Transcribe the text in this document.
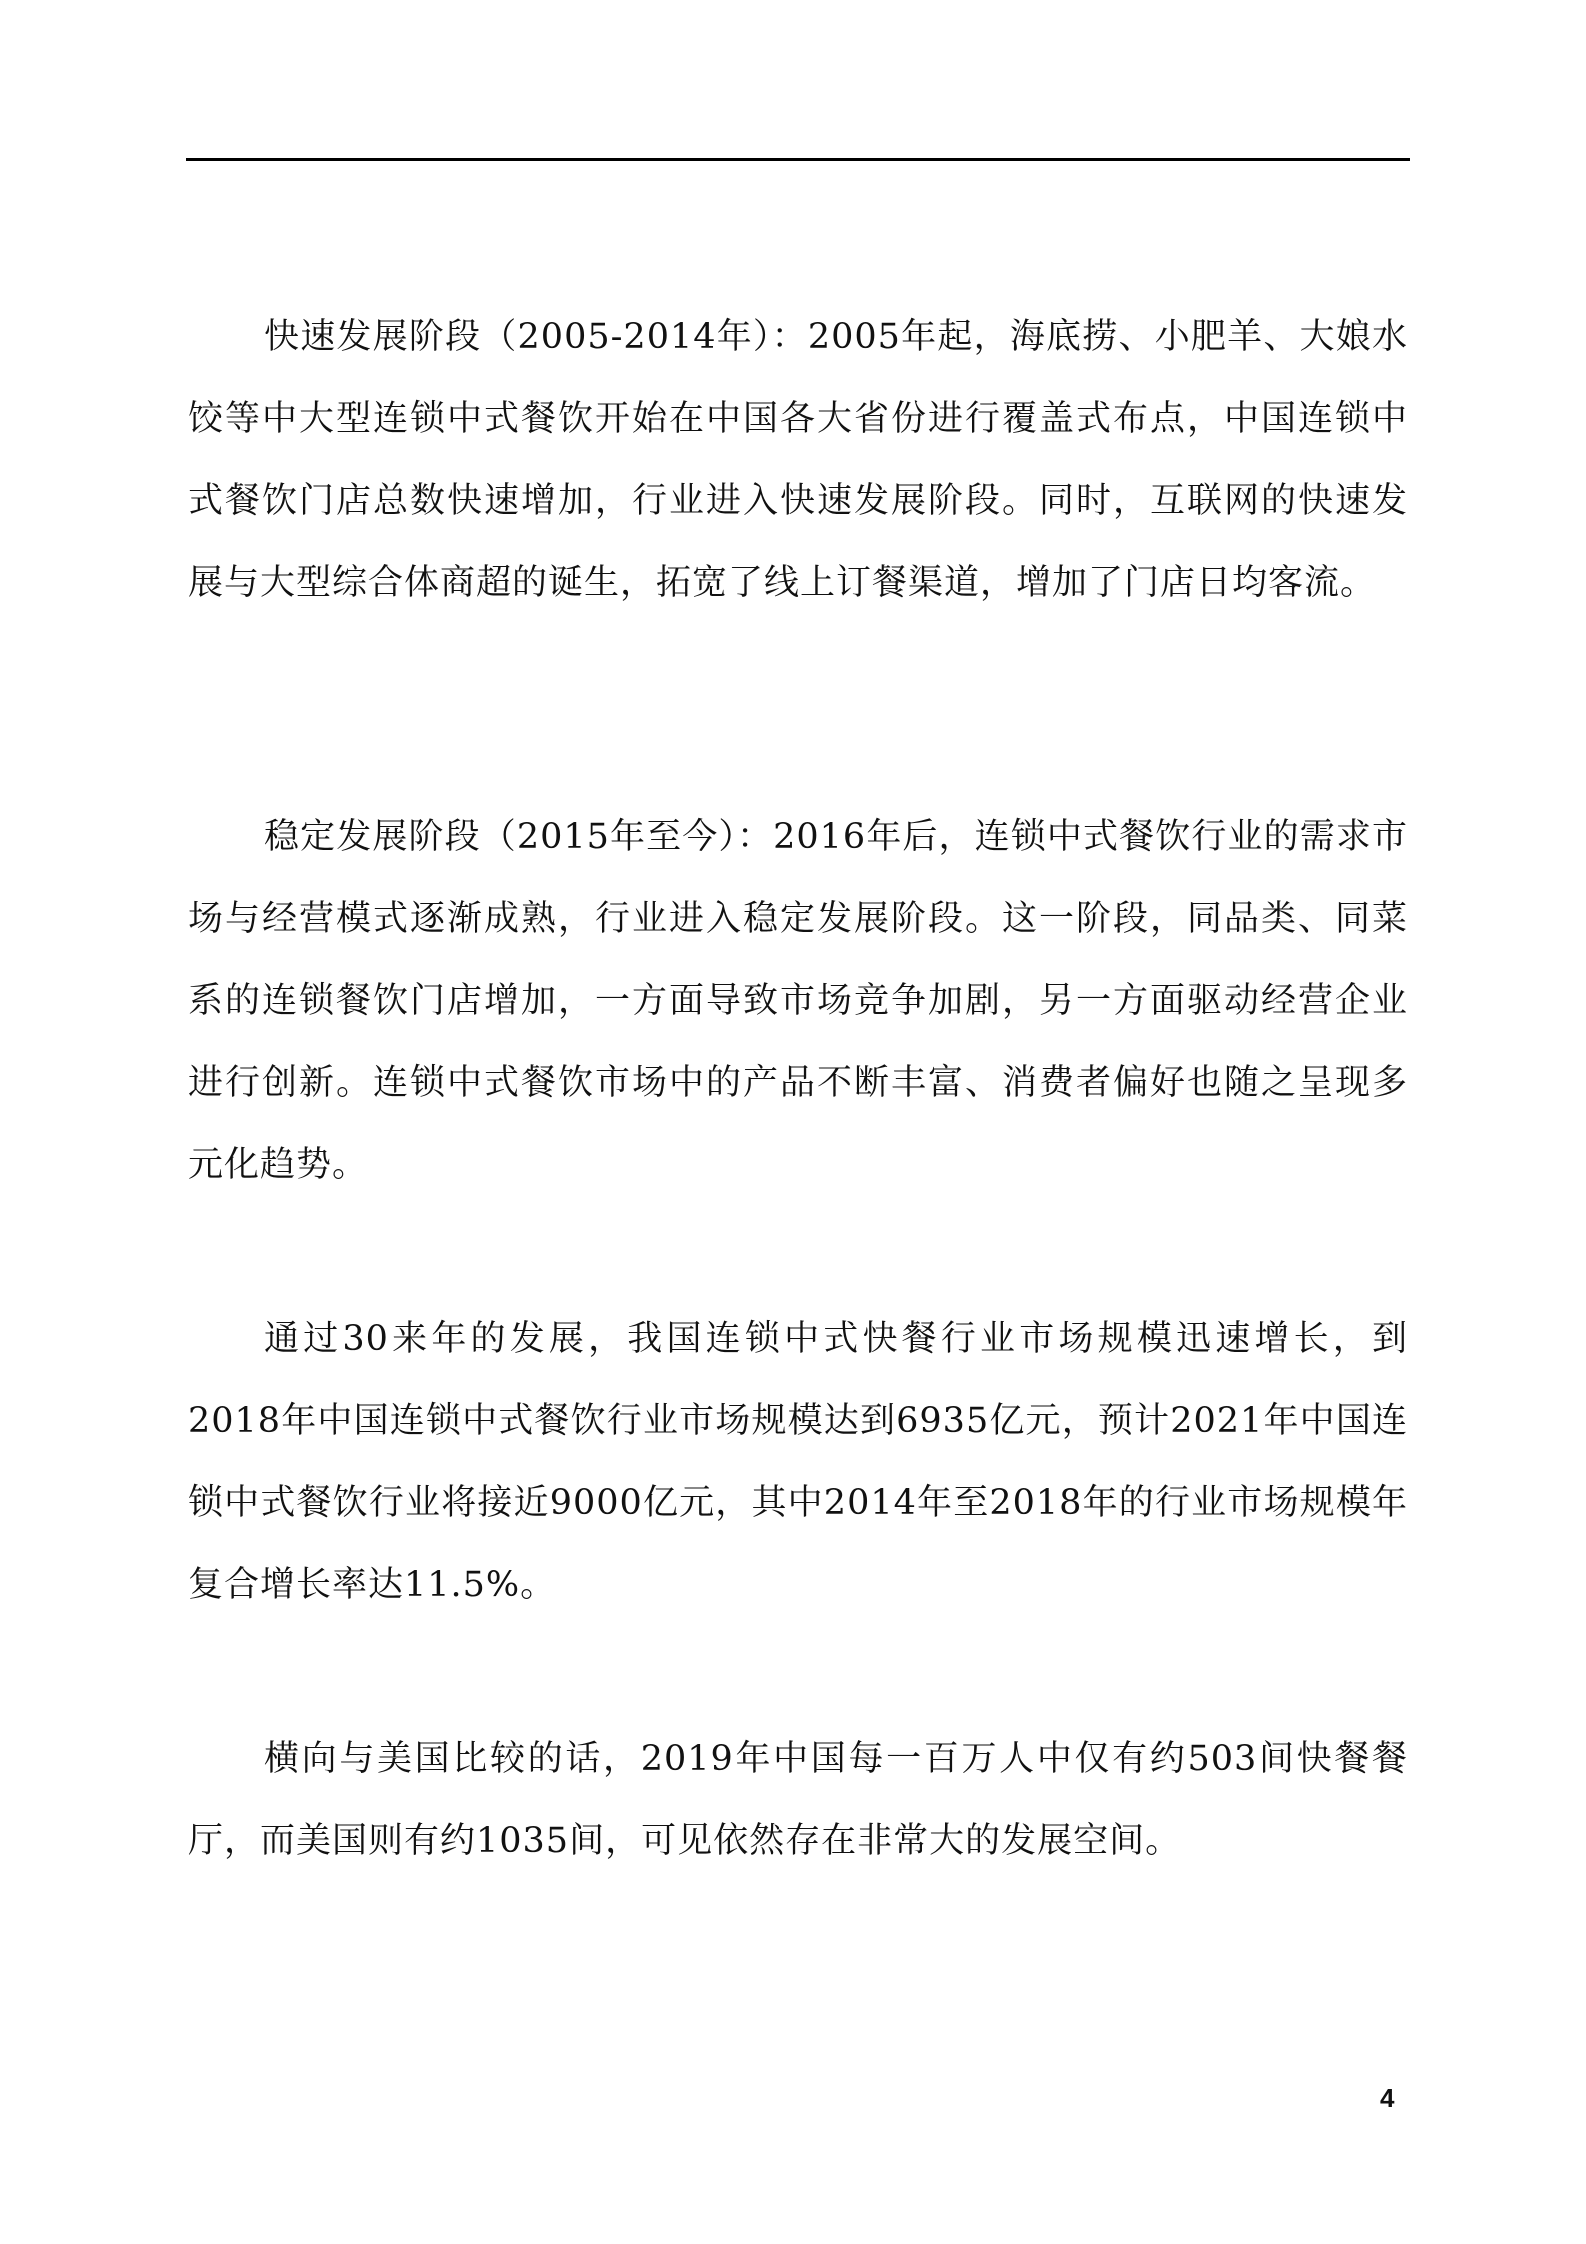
快速发展阶段（2005-2014年）：2005年起，海底捞、小肥羊、大娘水饺等中大型连锁中式餐饮开始在中国各大省份进行覆盖式布点，中国连锁中式餐饮门店总数快速增加，行业进入快速发展阶段。同时，互联网的快速发展与大型综合体商超的诞生，拓宽了线上订餐渠道，增加了门店日均客流。

稳定发展阶段（2015年至今）：2016年后，连锁中式餐饮行业的需求市场与经营模式逐渐成熟，行业进入稳定发展阶段。这一阶段，同品类、同菜系的连锁餐饮门店增加，一方面导致市场竞争加剧，另一方面驱动经营企业进行创新。连锁中式餐饮市场中的产品不断丰富、消费者偏好也随之呈现多元化趋势。

通过30来年的发展，我国连锁中式快餐行业市场规模迅速增长，到2018年中国连锁中式餐饮行业市场规模达到6935亿元，预计2021年中国连锁中式餐饮行业将接近9000亿元，其中2014年至2018年的行业市场规模年复合增长率达11.5%。

横向与美国比较的话，2019年中国每一百万人中仅有约503间快餐餐厅，而美国则有约1035间，可见依然存在非常大的发展空间。

4
